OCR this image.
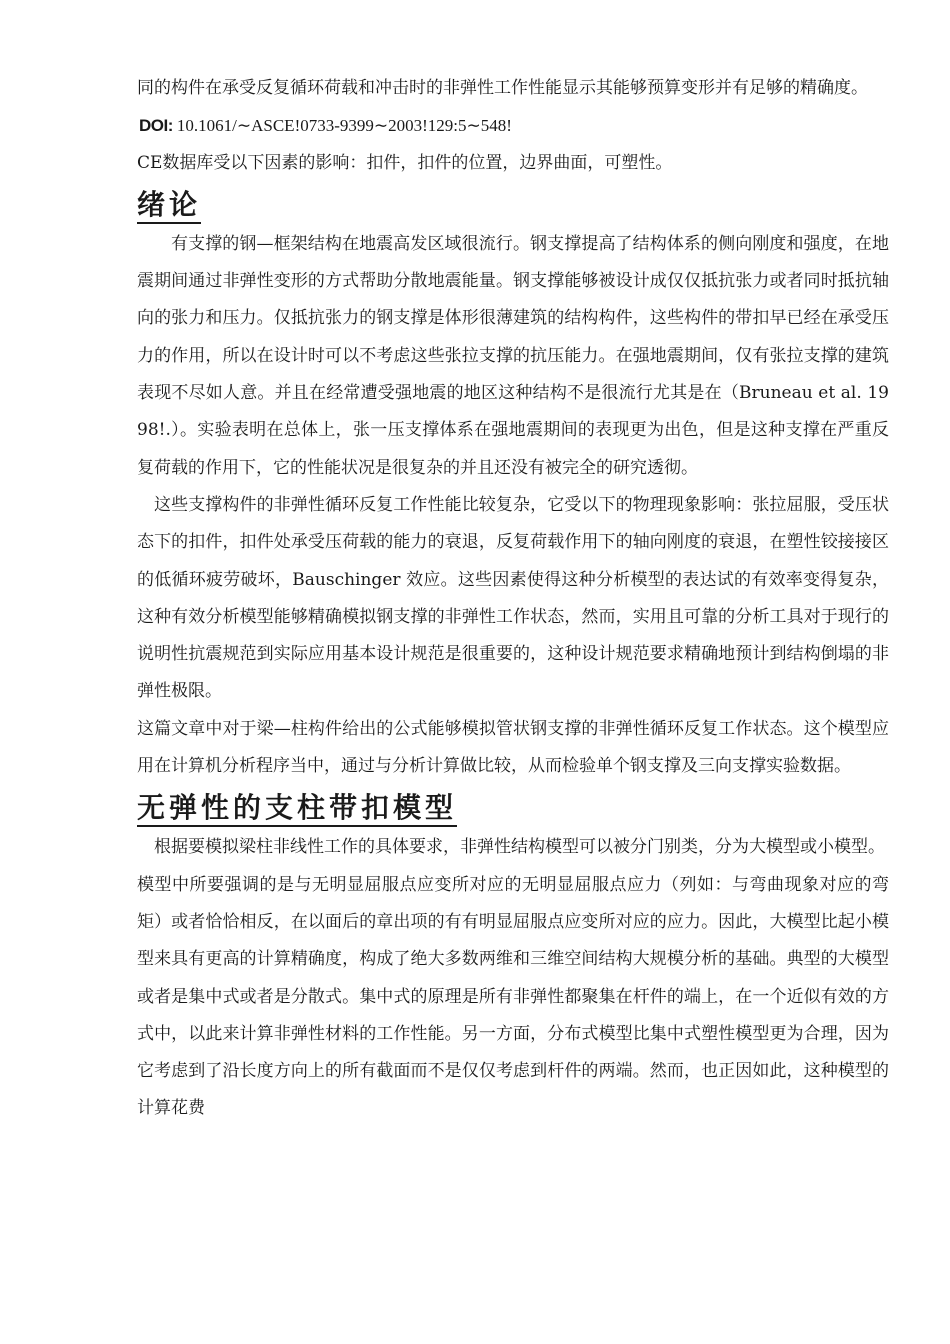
同的构件在承受反复循环荷载和冲击时的非弹性工作性能显示其能够预算变形并有足够的精确度。

DOI: 10.1061/∼ASCE!0733-9399∼2003!129:5∼548!

CE数据库受以下因素的影响：扣件，扣件的位置，边界曲面，可塑性。

绪论

有支撑的钢—框架结构在地震高发区域很流行。钢支撑提高了结构体系的侧向刚度和强度，在地震期间通过非弹性变形的方式帮助分散地震能量。钢支撑能够被设计成仅仅抵抗张力或者同时抵抗轴向的张力和压力。仅抵抗张力的钢支撑是体形很薄建筑的结构构件，这些构件的带扣早已经在承受压力的作用，所以在设计时可以不考虑这些张拉支撑的抗压能力。在强地震期间，仅有张拉支撑的建筑表现不尽如人意。并且在经常遭受强地震的地区这种结构不是很流行尤其是在（Bruneau et al. 1998!.）。实验表明在总体上，张一压支撑体系在强地震期间的表现更为出色，但是这种支撑在严重反复荷载的作用下，它的性能状况是很复杂的并且还没有被完全的研究透彻。

这些支撑构件的非弹性循环反复工作性能比较复杂，它受以下的物理现象影响：张拉屈服，受压状态下的扣件，扣件处承受压荷载的能力的衰退，反复荷载作用下的轴向刚度的衰退，在塑性铰接接区的低循环疲劳破坏，Bauschinger 效应。这些因素使得这种分析模型的表达试的有效率变得复杂，这种有效分析模型能够精确模拟钢支撑的非弹性工作状态，然而，实用且可靠的分析工具对于现行的说明性抗震规范到实际应用基本设计规范是很重要的，这种设计规范要求精确地预计到结构倒塌的非弹性极限。

这篇文章中对于梁—柱构件给出的公式能够模拟管状钢支撑的非弹性循环反复工作状态。这个模型应用在计算机分析程序当中，通过与分析计算做比较，从而检验单个钢支撑及三向支撑实验数据。

无弹性的支柱带扣模型

根据要模拟梁柱非线性工作的具体要求，非弹性结构模型可以被分门别类，分为大模型或小模型。

模型中所要强调的是与无明显屈服点应变所对应的无明显屈服点应力（列如：与弯曲现象对应的弯矩）或者恰恰相反，在以面后的章出项的有有明显屈服点应变所对应的应力。因此，大模型比起小模型来具有更高的计算精确度，构成了绝大多数两维和三维空间结构大规模分析的基础。典型的大模型或者是集中式或者是分散式。集中式的原理是所有非弹性都聚集在杆件的端上，在一个近似有效的方式中，以此来计算非弹性材料的工作性能。另一方面，分布式模型比集中式塑性模型更为合理，因为它考虑到了沿长度方向上的所有截面而不是仅仅考虑到杆件的两端。然而，也正因如此，这种模型的计算花费
